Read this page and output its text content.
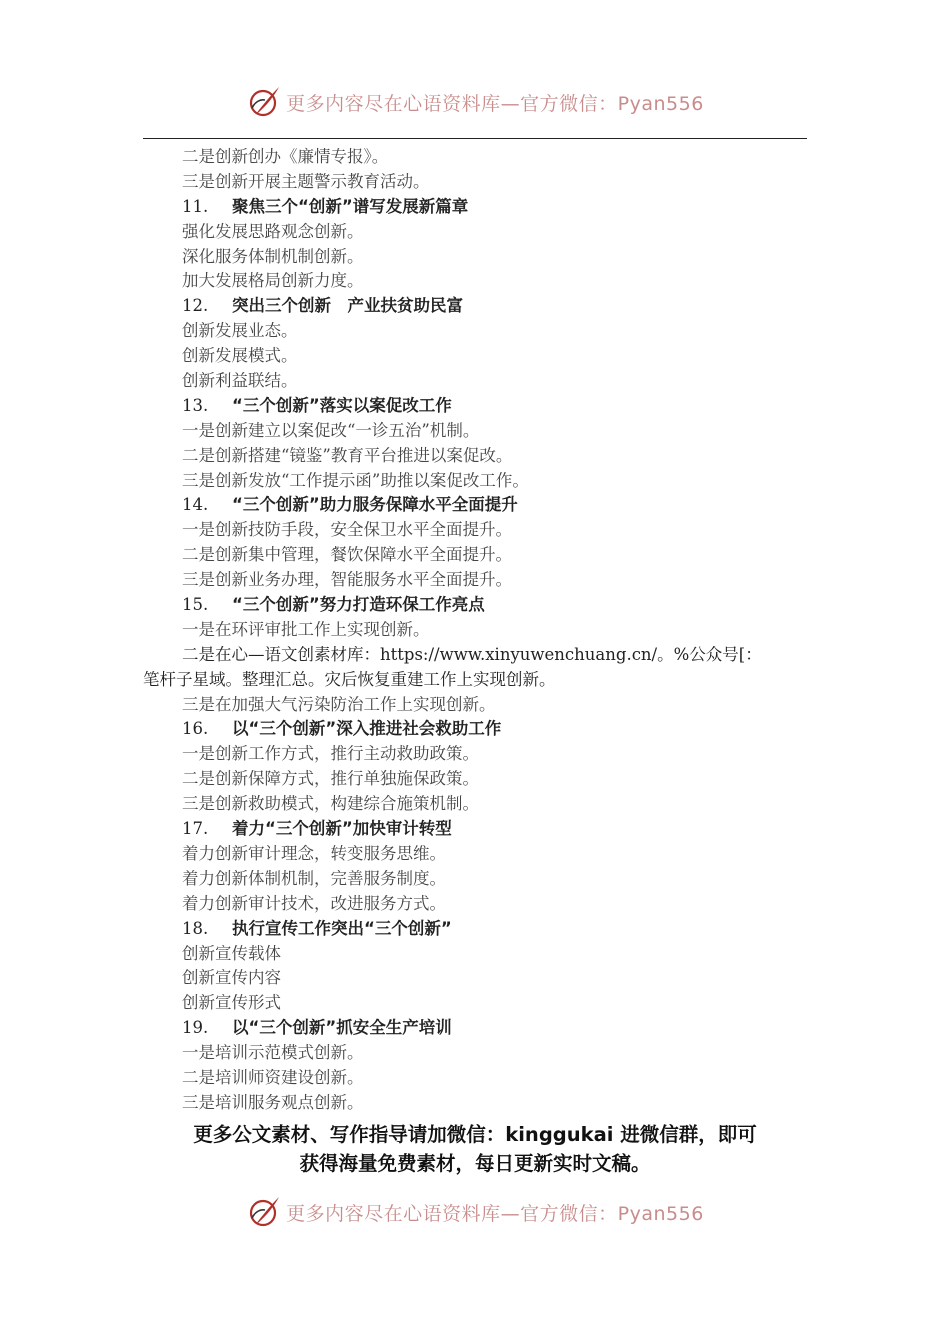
更多内容尽在心语资料库—官方微信：Pyan556
二是创新创办《廉情专报》。
三是创新开展主题警示教育活动。
11. 聚焦三个“创新”谱写发展新篇章
强化发展思路观念创新。
深化服务体制机制创新。
加大发展格局创新力度。
12. 突出三个创新　产业扶贫助民富
创新发展业态。
创新发展模式。
创新利益联结。
13. “三个创新”落实以案促改工作
一是创新建立以案促改“一诊五治”机制。
二是创新搭建“镜鉴”教育平台推进以案促改。
三是创新发放“工作提示函”助推以案促改工作。
14. “三个创新”助力服务保障水平全面提升
一是创新技防手段，安全保卫水平全面提升。
二是创新集中管理，餐饮保障水平全面提升。
三是创新业务办理，智能服务水平全面提升。
15. “三个创新”努力打造环保工作亮点
一是在环评审批工作上实现创新。
二是在心—语文创素材库：https://www.xinyuwenchuang.cn/。%公众号[：
笔杆子星域。整理汇总。灾后恢复重建工作上实现创新。
三是在加强大气污染防治工作上实现创新。
16. 以“三个创新”深入推进社会救助工作
一是创新工作方式，推行主动救助政策。
二是创新保障方式，推行单独施保政策。
三是创新救助模式，构建综合施策机制。
17. 着力“三个创新”加快审计转型
着力创新审计理念，转变服务思维。
着力创新体制机制，完善服务制度。
着力创新审计技术，改进服务方式。
18. 执行宣传工作突出“三个创新”
创新宣传载体
创新宣传内容
创新宣传形式
19. 以“三个创新”抓安全生产培训
一是培训示范模式创新。
二是培训师资建设创新。
三是培训服务观点创新。
更多公文素材、写作指导请加微信：kinggukai 进微信群，即可
获得海量免费素材，每日更新实时文稿。
更多内容尽在心语资料库—官方微信：Pyan556
